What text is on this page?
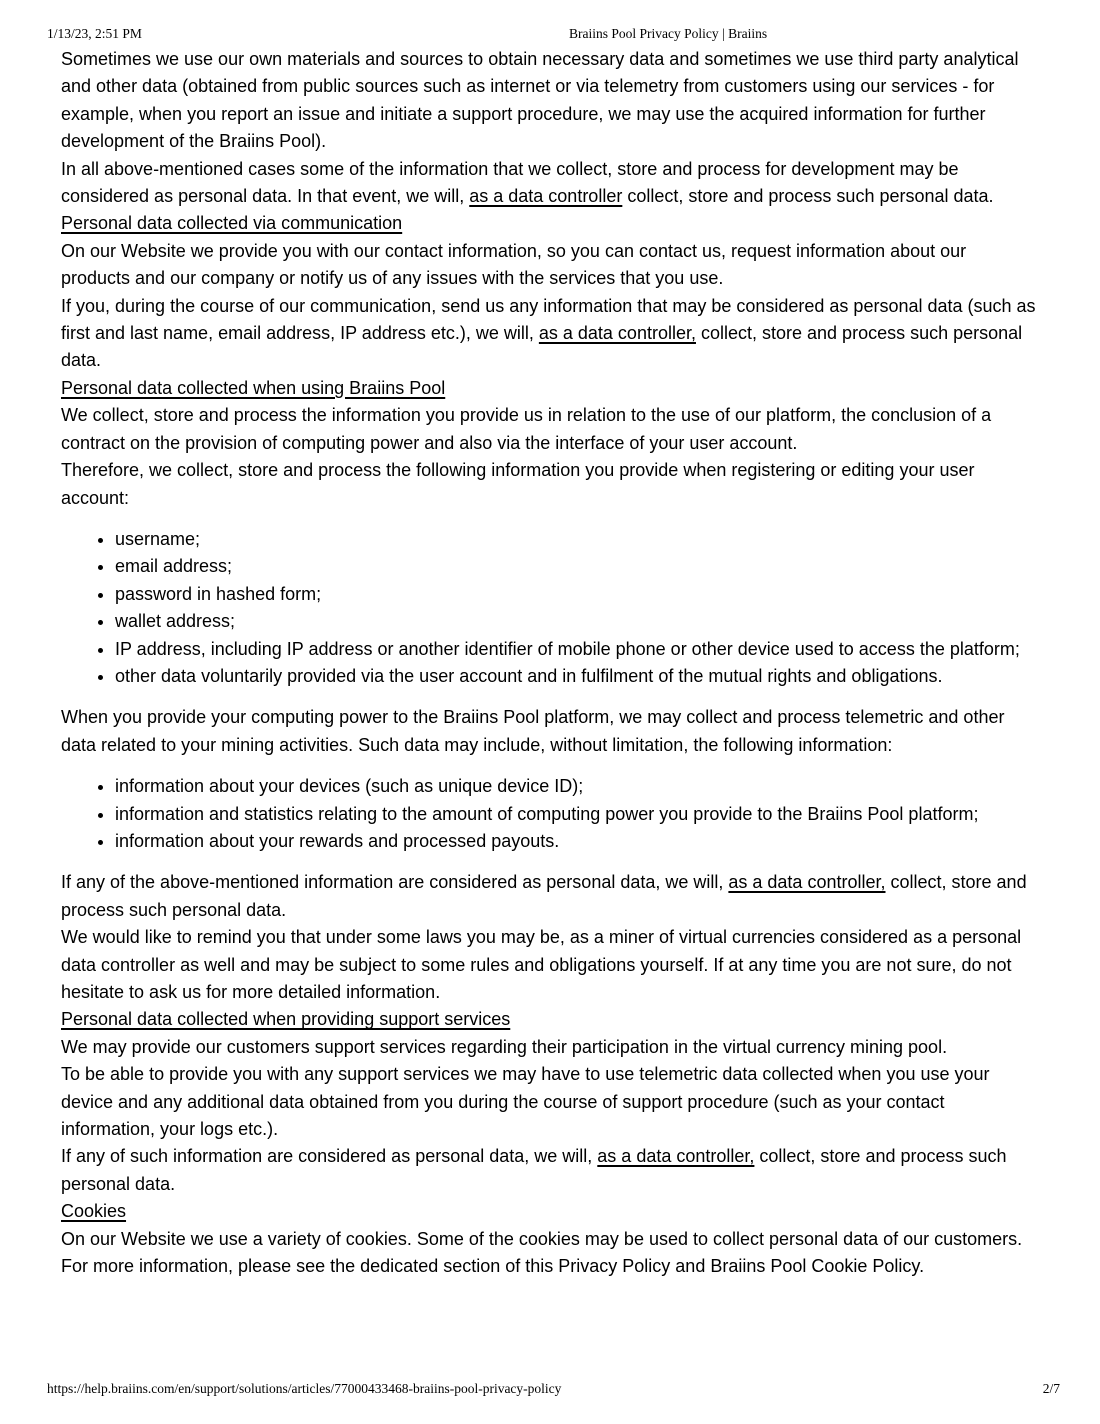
1/13/23, 2:51 PM	Braiins Pool Privacy Policy | Braiins
Sometimes we use our own materials and sources to obtain necessary data and sometimes we use third party analytical and other data (obtained from public sources such as internet or via telemetry from customers using our services - for example, when you report an issue and initiate a support procedure, we may use the acquired information for further development of the Braiins Pool).
In all above-mentioned cases some of the information that we collect, store and process for development may be considered as personal data. In that event, we will, as a data controller collect, store and process such personal data.
Personal data collected via communication
On our Website we provide you with our contact information, so you can contact us, request information about our products and our company or notify us of any issues with the services that you use.
If you, during the course of our communication, send us any information that may be considered as personal data (such as first and last name, email address, IP address etc.), we will, as a data controller, collect, store and process such personal data.
Personal data collected when using Braiins Pool
We collect, store and process the information you provide us in relation to the use of our platform, the conclusion of a contract on the provision of computing power and also via the interface of your user account.
Therefore, we collect, store and process the following information you provide when registering or editing your user account:
• username;
• email address;
• password in hashed form;
• wallet address;
• IP address, including IP address or another identifier of mobile phone or other device used to access the platform;
• other data voluntarily provided via the user account and in fulfilment of the mutual rights and obligations.
When you provide your computing power to the Braiins Pool platform, we may collect and process telemetric and other data related to your mining activities. Such data may include, without limitation, the following information:
• information about your devices (such as unique device ID);
• information and statistics relating to the amount of computing power you provide to the Braiins Pool platform;
• information about your rewards and processed payouts.
If any of the above-mentioned information are considered as personal data, we will, as a data controller, collect, store and process such personal data.
We would like to remind you that under some laws you may be, as a miner of virtual currencies considered as a personal data controller as well and may be subject to some rules and obligations yourself. If at any time you are not sure, do not hesitate to ask us for more detailed information.
Personal data collected when providing support services
We may provide our customers support services regarding their participation in the virtual currency mining pool.
To be able to provide you with any support services we may have to use telemetric data collected when you use your device and any additional data obtained from you during the course of support procedure (such as your contact information, your logs etc.).
If any of such information are considered as personal data, we will, as a data controller, collect, store and process such personal data.
Cookies
On our Website we use a variety of cookies. Some of the cookies may be used to collect personal data of our customers.
For more information, please see the dedicated section of this Privacy Policy and Braiins Pool Cookie Policy.
https://help.braiins.com/en/support/solutions/articles/77000433468-braiins-pool-privacy-policy	2/7
